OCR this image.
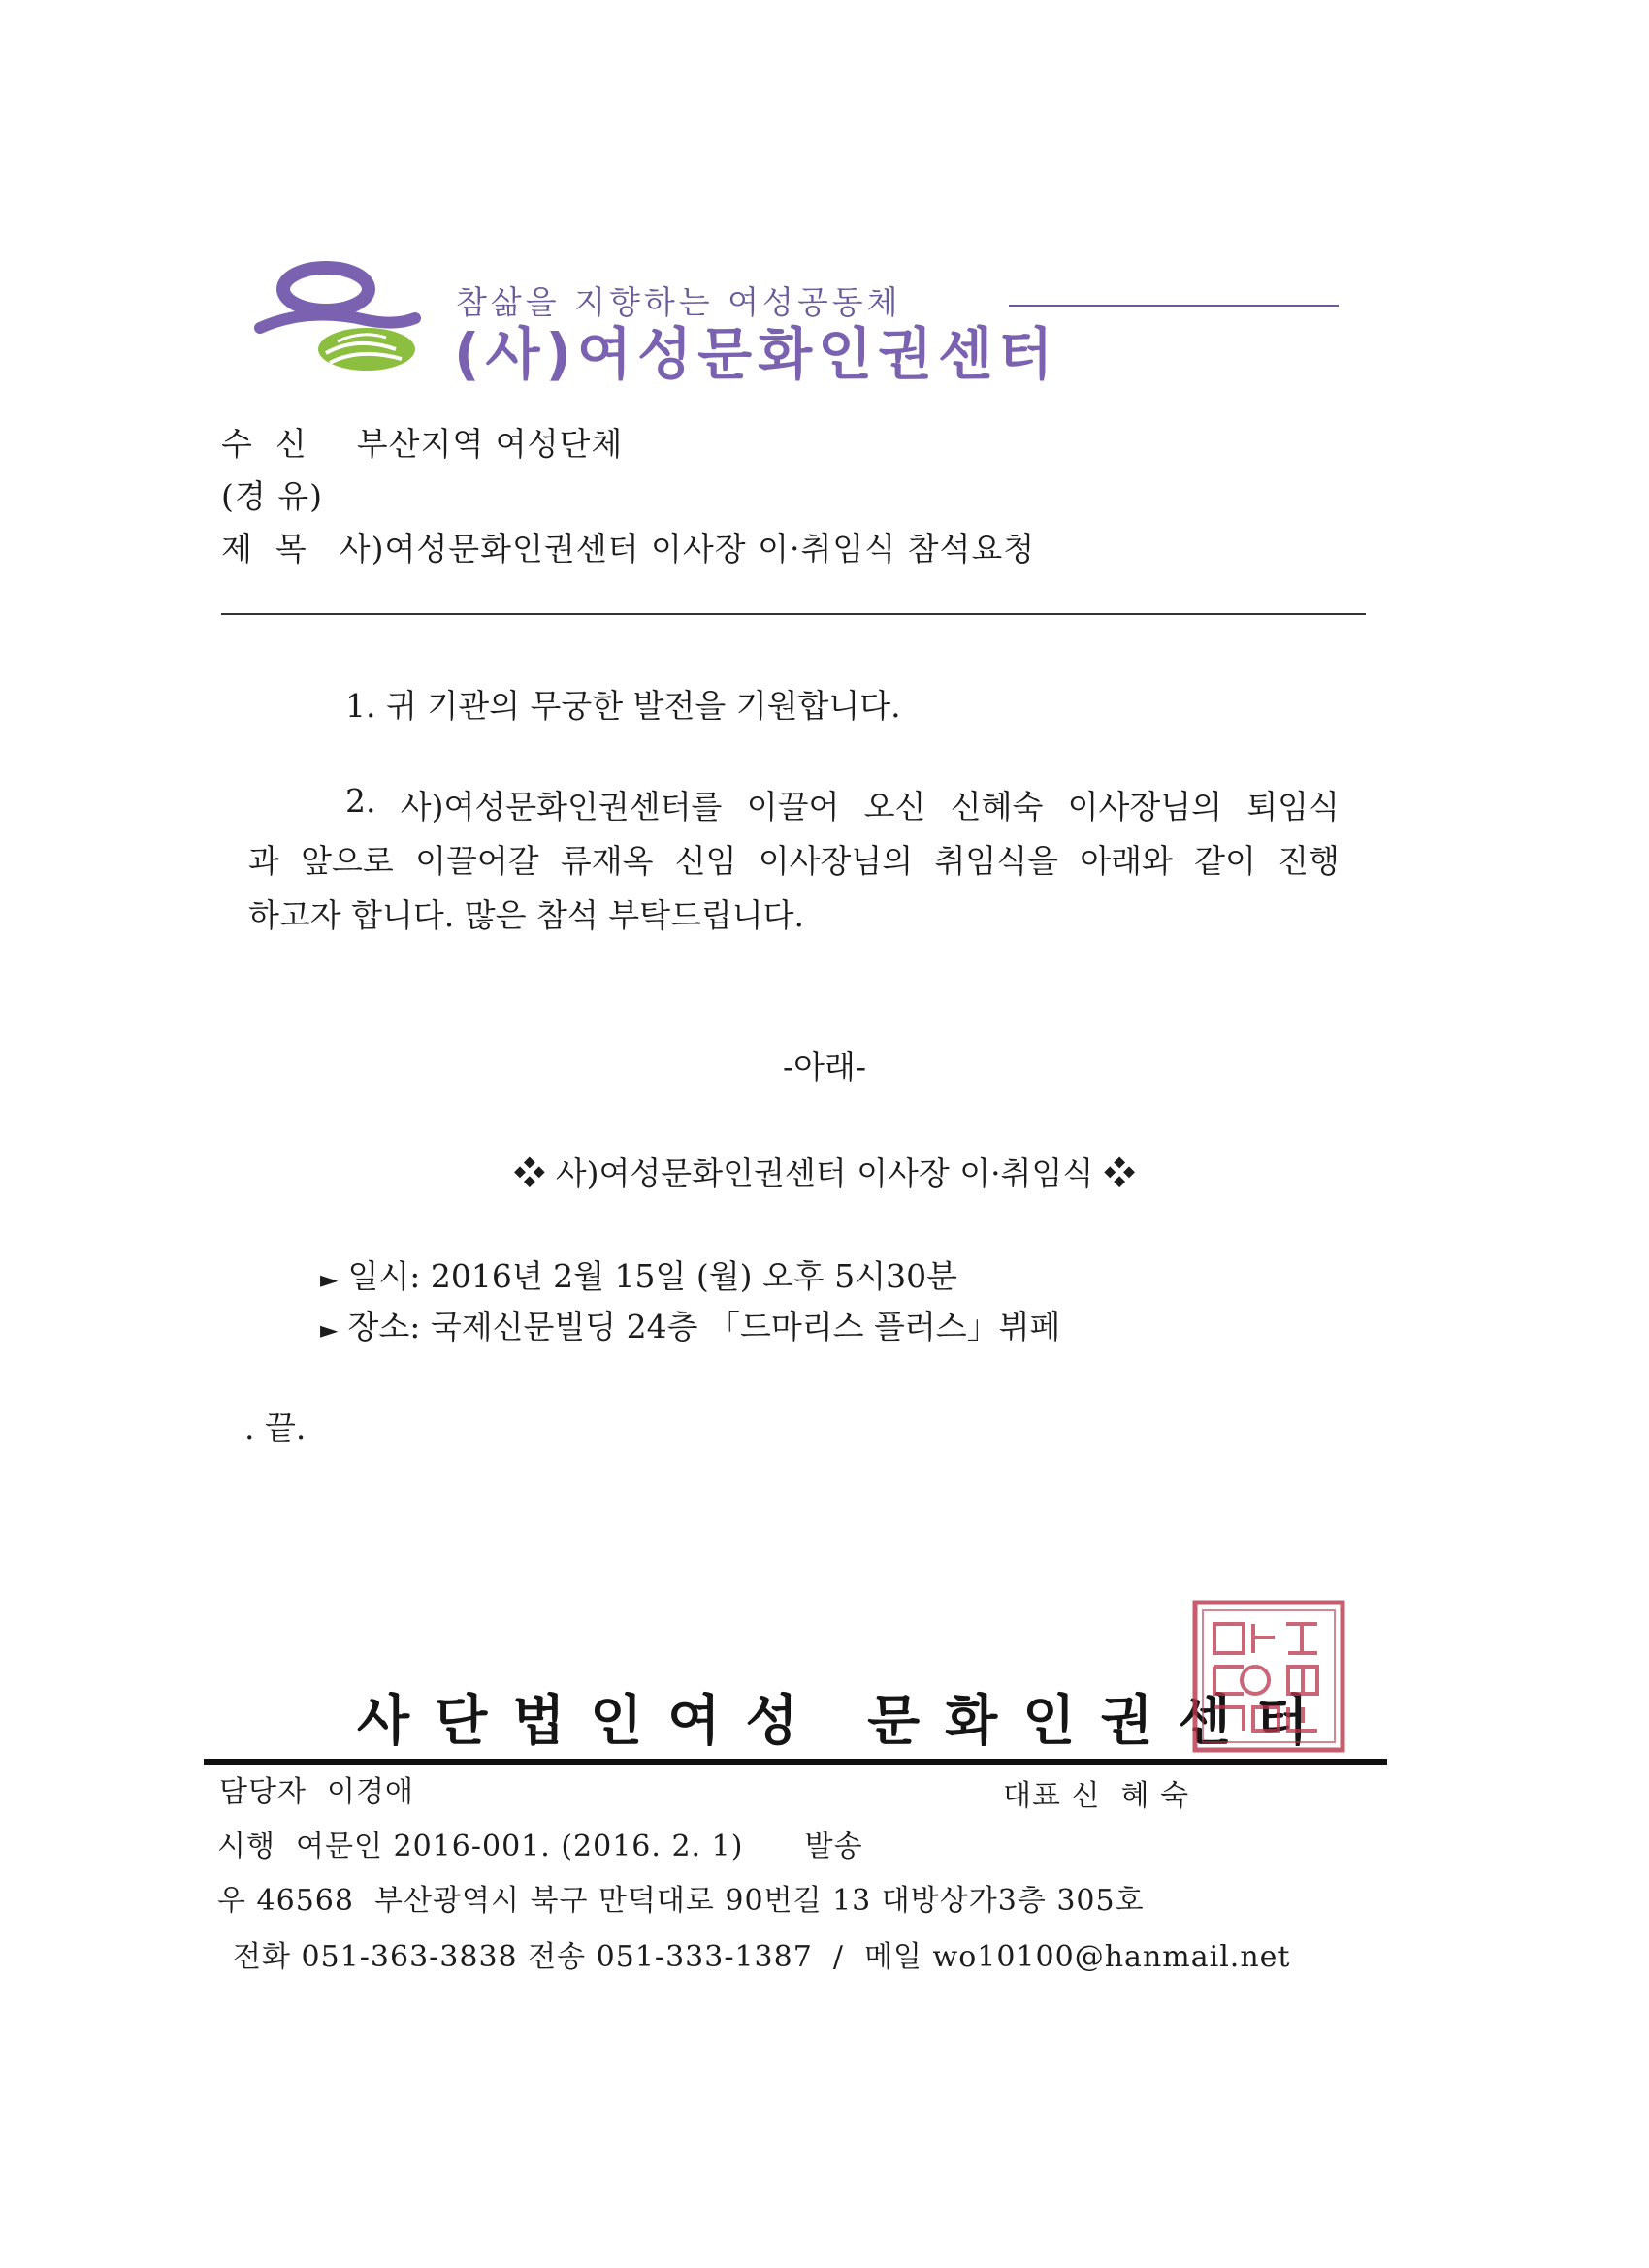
참삶을 지향하는 여성공동체
(사)여성문화인권센터
수  신 부산지역 여성단체
(경 유)
제  목 사)여성문화인권센터 이사장 이·취임식 참석요청
1. 귀 기관의 무궁한 발전을 기원합니다.
2. 사)여성문화인권센터를 이끌어 오신 신혜숙 이사장님의 퇴임식
과 앞으로 이끌어갈 류재옥 신임 이사장님의 취임식을 아래와 같이 진행
하고자 합니다. 많은 참석 부탁드립니다.
-아래-
❖ 사)여성문화인권센터 이사장 이·취임식 ❖
► 일시: 2016년 2월 15일 (월) 오후 5시30분
► 장소: 국제신문빌딩 24층 「드마리스 플러스」뷔페
. 끝.
사단법인여성 문화인권센터
담당자  이경애	대표 신  혜 숙
시행  여문인 2016-001. (2016. 2. 1)      발송
우 46568  부산광역시 북구 만덕대로 90번길 13 대방상가3층 305호
전화 051-363-3838 전송 051-333-1387  /  메일 wo10100@hanmail.net
